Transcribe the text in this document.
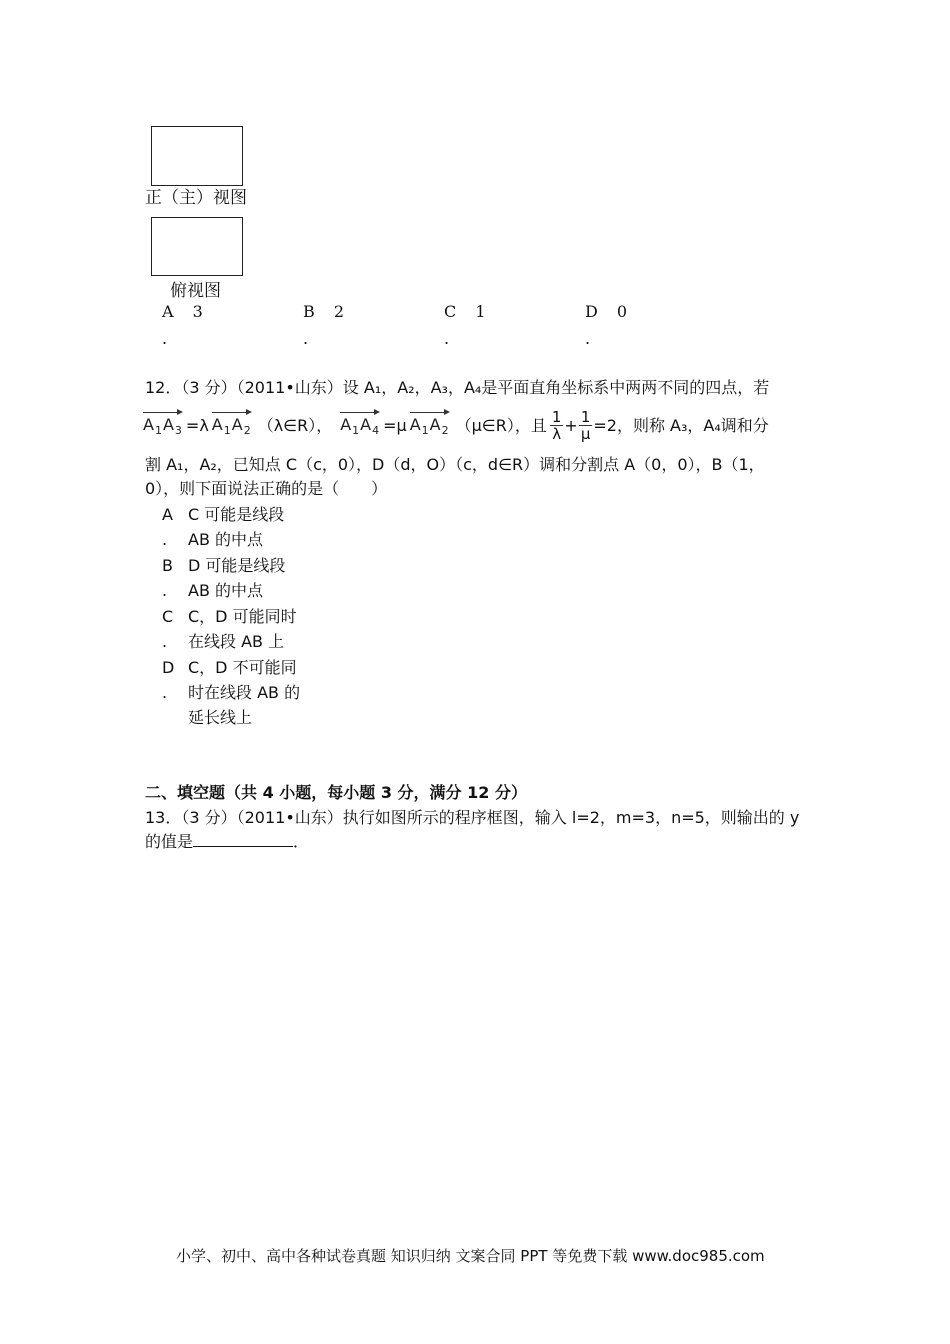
正（主）视图
俯视图
A 3
.
B 2
.
C 1
.
D 0
.
12．（3 分）（2011•山东）设 A₁，A₂，A₃，A₄是平面直角坐标系中两两不同的四点，若
$A_1A_3 =\lambda$ $A_1A_2$ （λ∈R）， $A_1A_4 =\mu$ $A_1A_2$ （μ∈R），且 $\frac{1}{\lambda} + \frac{1}{\mu} =2$，则称 A₃，A₄调和分
割 A₁，A₂，已知点 C（c，0），D（d，O）（c，d∈R）调和分割点 A（0，0），B（1，
0），则下面说法正确的是（　　）
A C 可能是线段
.	AB 的中点
B D 可能是线段
.	AB 的中点
C C，D 可能同时
.	在线段 AB 上
D C，D 不可能同
.	时在线段 AB 的
延长线上
二、填空题（共 4 小题，每小题 3 分，满分 12 分）
13．（3 分）（2011•山东）执行如图所示的程序框图，输入 l=2，m=3，n=5，则输出的 y
的值是	．
小学、初中、高中各种试卷真题 知识归纳 文案合同 PPT 等免费下载 www.doc985.com
